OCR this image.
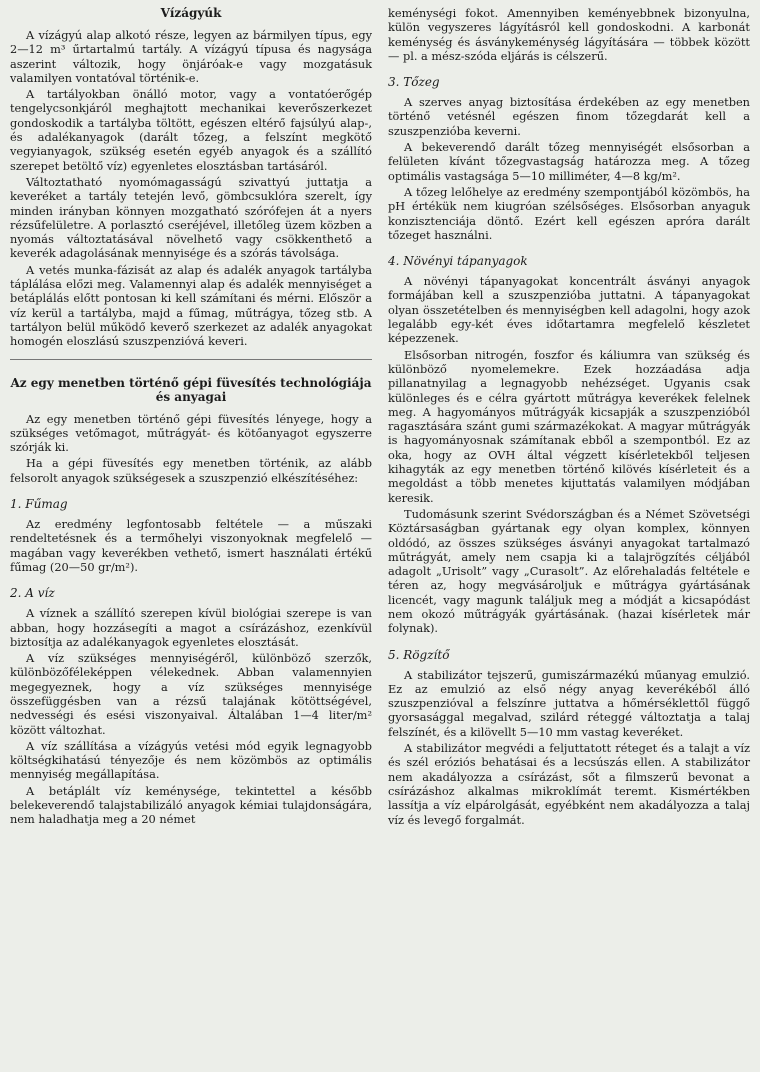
Vízágyúk

A vízágyú alap alkotó része, legyen az bármilyen típus, egy 2—12 m³ űrtartalmú tartály. A vízágyú típusa és nagysága aszerint változik, hogy önjáróak-e vagy mozgatásuk valamilyen vontatóval történik-e.

A tartályokban önálló motor, vagy a vontatóerőgép tengelycsonkjáról meghajtott mechanikai keverőszerkezet gondoskodik a tartályba töltött, egészen eltérő fajsúlyú alap-, és adalékanyagok (darált tőzeg, a felszínt megkötő vegyianyagok, szükség esetén egyéb anyagok és a szállító szerepet betöltő víz) egyenletes elosztásban tartásáról.

Változtatható nyomómagasságú szivattyú juttatja a keveréket a tartály tetején levő, gömbcsuklóra szerelt, így minden irányban könnyen mozgatható szórófejen át a nyers rézsűfelületre. A porlasztó cseréjével, illetőleg üzem közben a nyomás változtatásával növelhető vagy csökkenthető a keverék adagolásának mennyisége és a szórás távolsága.

A vetés munka-fázisát az alap és adalék anyagok tartályba táplálása előzi meg. Valamennyi alap és adalék mennyiséget a betáplálás előtt pontosan ki kell számítani és mérni. Először a víz kerül a tartályba, majd a fűmag, műtrágya, tőzeg stb. A tartályon belül működő keverő szerkezet az adalék anyagokat homogén eloszlású szuszpenzióvá keveri.

Az egy menetben történő gépi füvesítés technológiája és anyagai

Az egy menetben történő gépi füvesítés lényege, hogy a szükséges vetőmagot, műtrágyát- és kötőanyagot egyszerre szórják ki.

Ha a gépi füvesítés egy menetben történik, az alább felsorolt anyagok szükségesek a szuszpenzió elkészítéséhez:

1. Fűmag

Az eredmény legfontosabb feltétele — a műszaki rendeltetésnek és a termőhelyi viszonyoknak megfelelő — magában vagy keverékben vethető, ismert használati értékű fűmag (20—50 gr/m²).

2. A víz

A víznek a szállító szerepen kívül biológiai szerepe is van abban, hogy hozzásegíti a magot a csírázáshoz, ezenkívül biztosítja az adalékanyagok egyenletes elosztását.

A víz szükséges mennyiségéről, különböző szerzők, különbözőféleképpen vélekednek. Abban valamennyien megegyeznek, hogy a víz szükséges mennyisége összefüggésben van a rézsű talajának kötöttségével, nedvességi és esési viszonyaival. Általában 1—4 liter/m² között változhat.

A víz szállítása a vízágyús vetési mód egyik legnagyobb költségkihatású tényezője és nem közömbös az optimális mennyiség megállapítása.

A betáplált víz keménysége, tekintettel a később belekeverendő talajstabilizáló anyagok kémiai tulajdonságára, nem haladhatja meg a 20 német

keménységi fokot. Amennyiben keményebbnek bizonyulna, külön vegyszeres lágyításról kell gondoskodni. A karbonát keménység és ásványkeménység lágyítására — többek között — pl. a mész-szóda eljárás is célszerű.

3. Tőzeg

A szerves anyag biztosítása érdekében az egy menetben történő vetésnél egészen finom tőzegdarát kell a szuszpenzióba keverni.

A bekeverendő darált tőzeg mennyiségét elsősorban a felületen kívánt tőzegvastagság határozza meg. A tőzeg optimális vastagsága 5—10 milliméter, 4—8 kg/m².

A tőzeg lelőhelye az eredmény szempontjából közömbös, ha pH értékük nem kiugróan szélsőséges. Elsősorban anyaguk konzisztenciája döntő. Ezért kell egészen apróra darált tőzeget használni.

4. Növényi tápanyagok

A növényi tápanyagokat koncentrált ásványi anyagok formájában kell a szuszpenzióba juttatni. A tápanyagokat olyan összetételben és mennyiségben kell adagolni, hogy azok legalább egy-két éves időtartamra megfelelő készletet képezzenek.

Elsősorban nitrogén, foszfor és káliumra van szükség és különböző nyomelemekre. Ezek hozzáadása adja pillanatnyilag a legnagyobb nehézséget. Ugyanis csak különleges és e célra gyártott műtrágya keverékek felelnek meg. A hagyományos műtrágyák kicsapják a szuszpenzióból ragasztására szánt gumi származékokat. A magyar műtrágyák is hagyományosnak számítanak ebből a szempontból. Ez az oka, hogy az OVH által végzett kísérletekből teljesen kihagyták az egy menetben történő kilövés kísérleteit és a megoldást a több menetes kijuttatás valamilyen módjában keresik.

Tudomásunk szerint Svédországban és a Német Szövetségi Köztársaságban gyártanak egy olyan komplex, könnyen oldódó, az összes szükséges ásványi anyagokat tartalmazó műtrágyát, amely nem csapja ki a talajrögzítés céljából adagolt „Urisolt” vagy „Curasolt”. Az előrehaladás feltétele e téren az, hogy megvásároljuk e műtrágya gyártásának licencét, vagy magunk találjuk meg a módját a kicsapódást nem okozó műtrágyák gyártásának. (hazai kísérletek már folynak).

5. Rögzítő

A stabilizátor tejszerű, gumiszármazékú műanyag emulzió. Ez az emulzió az első négy anyag keverékéből álló szuszpenzióval a felszínre juttatva a hőmérséklettől függő gyorsasággal megalvad, szilárd réteggé változtatja a talaj felszínét, és a kilövellt 5—10 mm vastag keveréket.

A stabilizátor megvédi a feljuttatott réteget és a talajt a víz és szél eróziós behatásai és a lecsúszás ellen. A stabilizátor nem akadályozza a csírázást, sőt a filmszerű bevonat a csírázáshoz alkalmas mikroklímát teremt. Kismértékben lassítja a víz elpárolgását, egyébként nem akadályozza a talaj víz és levegő forgalmát.
